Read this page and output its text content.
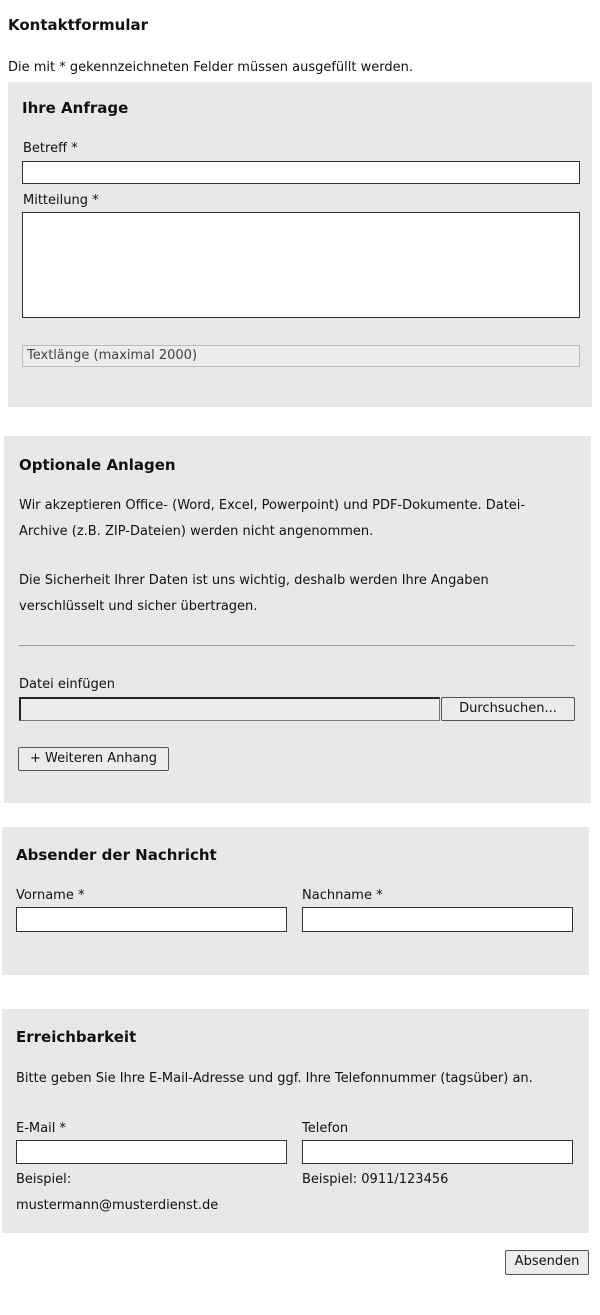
Kontaktformular
Die mit * gekennzeichneten Felder müssen ausgefüllt werden.
Ihre Anfrage
Betreff *
Mitteilung *
Textlänge (maximal 2000)
Optionale Anlagen
Wir akzeptieren Office- (Word, Excel, Powerpoint) und PDF-Dokumente. Datei-
Archive (z.B. ZIP-Dateien) werden nicht angenommen.
Die Sicherheit Ihrer Daten ist uns wichtig, deshalb werden Ihre Angaben
verschlüsselt und sicher übertragen.
Datei einfügen
Durchsuchen...
+ Weiteren Anhang
Absender der Nachricht
Vorname *	Nachname *
Erreichbarkeit
Bitte geben Sie Ihre E-Mail-Adresse und ggf. Ihre Telefonnummer (tagsüber) an.
E-Mail *	Telefon
Beispiel:
mustermann@musterdienst.de
Beispiel: 0911/123456
Absenden
